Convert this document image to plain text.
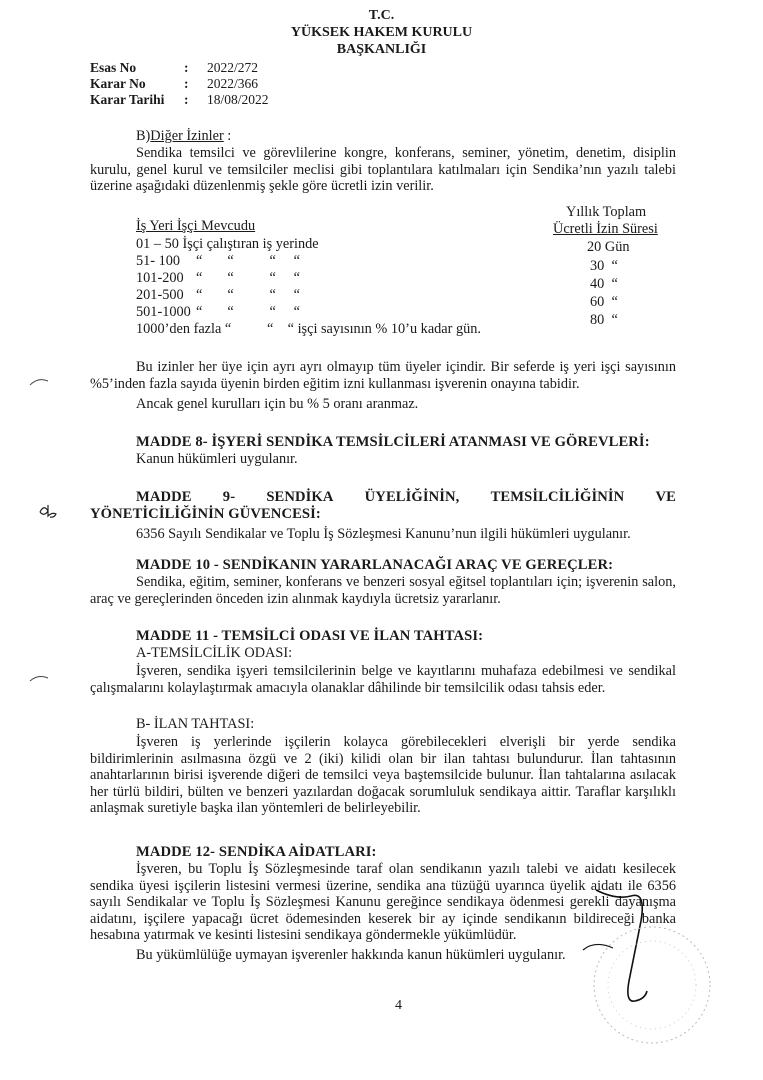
T.C.
YÜKSEK HAKEM KURULU
BAŞKANLIĞI
Esas No	: 2022/272
Karar No	: 2022/366
Karar Tarihi : 18/08/2022
B)Diğer İzinler :
Sendika temsilci ve görevlilerine kongre, konferans, seminer, yönetim, denetim, disiplin kurulu, genel kurul ve temsilciler meclisi gibi toplantılara katılmaları için Sendika’nın yazılı talebi üzerine aşağıdaki düzenlenmiş şekle göre ücretli izin verilir.
İş Yeri İşçi Mevcudu
Yıllık Toplam
Ücretli İzin Süresi
01 – 50 İşçi çalıştıran iş yerinde	20 Gün
51- 100 “       “          “     “	30  “
101-200 “       “          “     “	40  “
201-500 “       “          “     “	60  “
501-1000 “       “          “     “	80  “
1000’den fazla “          “    “ işçi sayısının % 10’u kadar gün.
Bu izinler her üye için ayrı ayrı olmayıp tüm üyeler içindir. Bir seferde iş yeri işçi sayısının %5’inden fazla sayıda üyenin birden eğitim izni kullanması işverenin onayına tabidir.
Ancak genel kurulları için bu % 5 oranı aranmaz.
MADDE 8- İŞYERİ SENDİKA TEMSİLCİLERİ ATANMASI VE GÖREVLERİ:
Kanun hükümleri uygulanır.
MADDE 9- SENDİKA ÜYELİĞİNİN, TEMSİLCİLİĞİNİN VE
YÖNETİCİLİĞİNİN GÜVENCESİ:
6356 Sayılı Sendikalar ve Toplu İş Sözleşmesi Kanunu’nun ilgili hükümleri uygulanır.
MADDE 10 - SENDİKANIN YARARLANACAĞI ARAÇ VE GEREÇLER:
Sendika, eğitim, seminer, konferans ve benzeri sosyal eğitsel toplantıları için; işverenin salon, araç ve gereçlerinden önceden izin alınmak kaydıyla ücretsiz yararlanır.
MADDE 11 - TEMSİLCİ ODASI VE İLAN TAHTASI:
A-TEMSİLCİLİK ODASI:
İşveren, sendika işyeri temsilcilerinin belge ve kayıtlarını muhafaza edebilmesi ve sendikal çalışmalarını kolaylaştırmak amacıyla olanaklar dâhilinde bir temsilcilik odası tahsis eder.
B- İLAN TAHTASI:
İşveren iş yerlerinde işçilerin kolayca görebilecekleri elverişli bir yerde sendika bildirimlerinin asılmasına özgü ve 2 (iki) kilidi olan bir ilan tahtası bulundurur. İlan tahtasının anahtarlarının birisi işverende diğeri de temsilci veya baştemsilcide bulunur. İlan tahtalarına asılacak her türlü bildiri, bülten ve benzeri yazılardan doğacak sorumluluk sendikaya aittir. Taraflar karşılıklı anlaşmak suretiyle başka ilan yöntemleri de belirleyebilir.
MADDE 12- SENDİKA AİDATLARI:
İşveren, bu Toplu İş Sözleşmesinde taraf olan sendikanın yazılı talebi ve aidatı kesilecek sendika üyesi işçilerin listesini vermesi üzerine, sendika ana tüzüğü uyarınca üyelik aidatı ile 6356 sayılı Sendikalar ve Toplu İş Sözleşmesi Kanunu gereğince sendikaya ödenmesi gerekli dayanışma aidatını, işçilere yapacağı ücret ödemesinden keserek bir ay içinde sendikanın bildireceği banka hesabına yatırmak ve kesinti listesini sendikaya göndermekle yükümlüdür.
Bu yükümlülüğe uymayan işverenler hakkında kanun hükümleri uygulanır.
4
